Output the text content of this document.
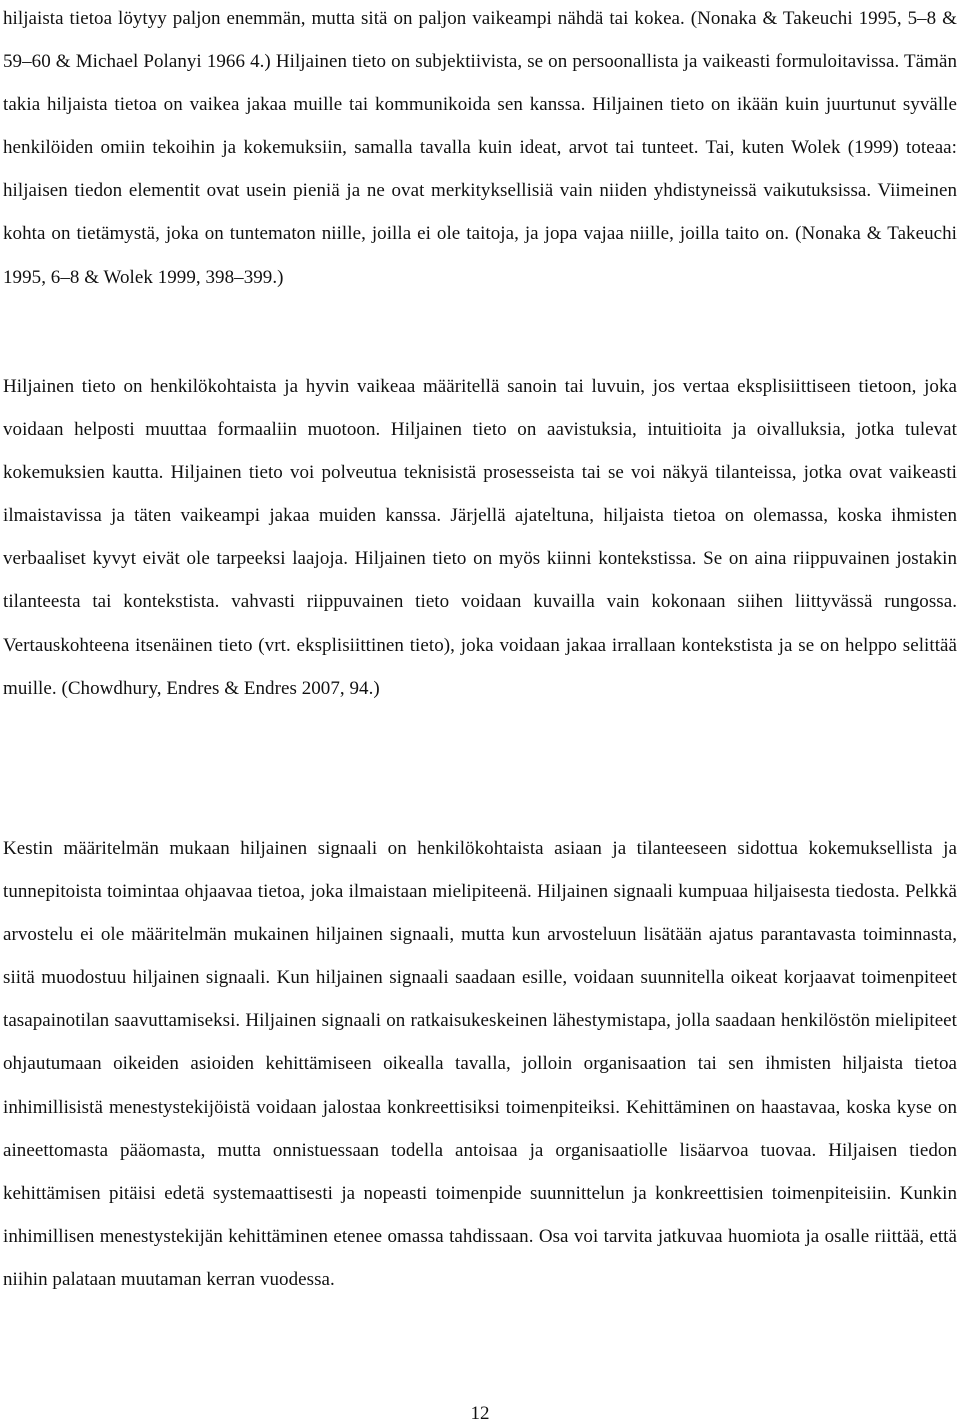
hiljaista tietoa löytyy paljon enemmän, mutta sitä on paljon vaikeampi nähdä tai kokea. (Nonaka & Takeuchi 1995, 5–8 & 59–60 & Michael Polanyi 1966 4.) Hiljainen tieto on subjektiivista, se on persoonallista ja vaikeasti formuloitavissa. Tämän takia hiljaista tietoa on vaikea jakaa muille tai kommunikoida sen kanssa. Hiljainen tieto on ikään kuin juurtunut syvälle henkilöiden omiin tekoihin ja kokemuksiin, samalla tavalla kuin ideat, arvot tai tunteet. Tai, kuten Wolek (1999) toteaa: hiljaisen tiedon elementit ovat usein pieniä ja ne ovat merkityksellisiä vain niiden yhdistyneissä vaikutuksissa. Viimeinen kohta on tietämystä, joka on tuntematon niille, joilla ei ole taitoja, ja jopa vajaa niille, joilla taito on. (Nonaka & Takeuchi 1995, 6–8 & Wolek 1999, 398–399.)

Hiljainen tieto on henkilökohtaista ja hyvin vaikeaa määritellä sanoin tai luvuin, jos vertaa eksplisiittiseen tietoon, joka voidaan helposti muuttaa formaaliin muotoon. Hiljainen tieto on aavistuksia, intuitioita ja oivalluksia, jotka tulevat kokemuksien kautta. Hiljainen tieto voi polveutua teknisistä prosesseista tai se voi näkyä tilanteissa, jotka ovat vaikeasti ilmaistavissa ja täten vaikeampi jakaa muiden kanssa. Järjellä ajateltuna, hiljaista tietoa on olemassa, koska ihmisten verbaaliset kyvyt eivät ole tarpeeksi laajoja. Hiljainen tieto on myös kiinni kontekstissa. Se on aina riippuvainen jostakin tilanteesta tai kontekstista. vahvasti riippuvainen tieto voidaan kuvailla vain kokonaan siihen liittyvässä rungossa. Vertauskohteena itsenäinen tieto (vrt. eksplisiittinen tieto), joka voidaan jakaa irrallaan kontekstista ja se on helppo selittää muille. (Chowdhury, Endres & Endres 2007, 94.)

Kestin määritelmän mukaan hiljainen signaali on henkilökohtaista asiaan ja tilanteeseen sidottua kokemuksellista ja tunnepitoista toimintaa ohjaavaa tietoa, joka ilmaistaan mielipiteenä. Hiljainen signaali kumpuaa hiljaisesta tiedosta. Pelkkä arvostelu ei ole määritelmän mukainen hiljainen signaali, mutta kun arvosteluun lisätään ajatus parantavasta toiminnasta, siitä muodostuu hiljainen signaali. Kun hiljainen signaali saadaan esille, voidaan suunnitella oikeat korjaavat toimenpiteet tasapainotilan saavuttamiseksi. Hiljainen signaali on ratkaisukeskeinen lähestymistapa, jolla saadaan henkilöstön mielipiteet ohjautumaan oikeiden asioiden kehittämiseen oikealla tavalla, jolloin organisaation tai sen ihmisten hiljaista tietoa inhimillisistä menestystekijöistä voidaan jalostaa konkreettisiksi toimenpiteiksi. Kehittäminen on haastavaa, koska kyse on aineettomasta pääomasta, mutta onnistuessaan todella antoisaa ja organisaatiolle lisäarvoa tuovaa. Hiljaisen tiedon kehittämisen pitäisi edetä systemaattisesti ja nopeasti toimenpide suunnittelun ja konkreettisien toimenpiteisiin. Kunkin inhimillisen menestystekijän kehittäminen etenee omassa tahdissaan. Osa voi tarvita jatkuvaa huomiota ja osalle riittää, että niihin palataan muutaman kerran vuodessa.

12
